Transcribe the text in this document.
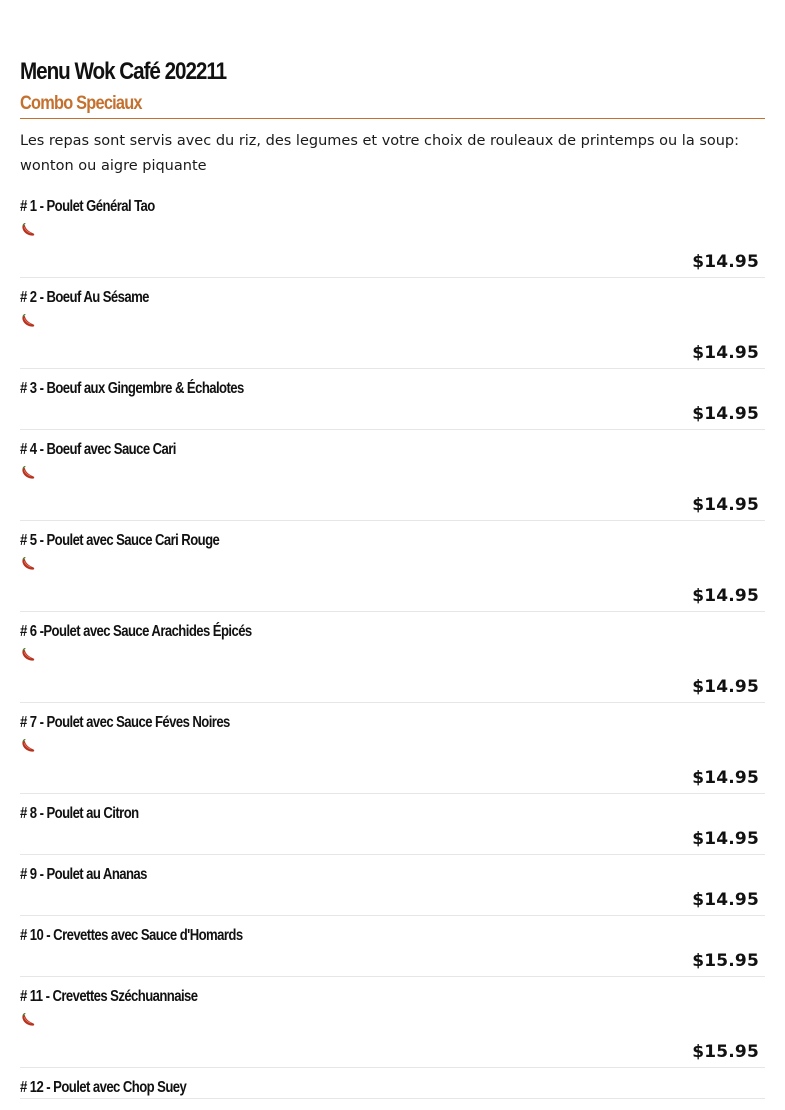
Menu Wok Café 202211
Combo Speciaux

Les repas sont servis avec du riz, des legumes et votre choix de rouleaux de printemps ou la soup: wonton ou aigre piquante

# 1 - Poulet Général Tao

$14.95

# 2 - Boeuf Au Sésame

$14.95

# 3 - Boeuf aux Gingembre & Échalotes

$14.95

# 4 - Boeuf avec Sauce Cari

$14.95

# 5 - Poulet avec Sauce Cari Rouge

$14.95

# 6 -Poulet avec Sauce Arachides Épicés

$14.95

# 7 - Poulet avec Sauce Féves Noires

$14.95

# 8 - Poulet au Citron

$14.95

# 9 - Poulet au Ananas

$14.95

# 10 - Crevettes avec Sauce d'Homards

$15.95

# 11 - Crevettes Széchuannaise

$15.95

# 12 - Poulet avec Chop Suey
